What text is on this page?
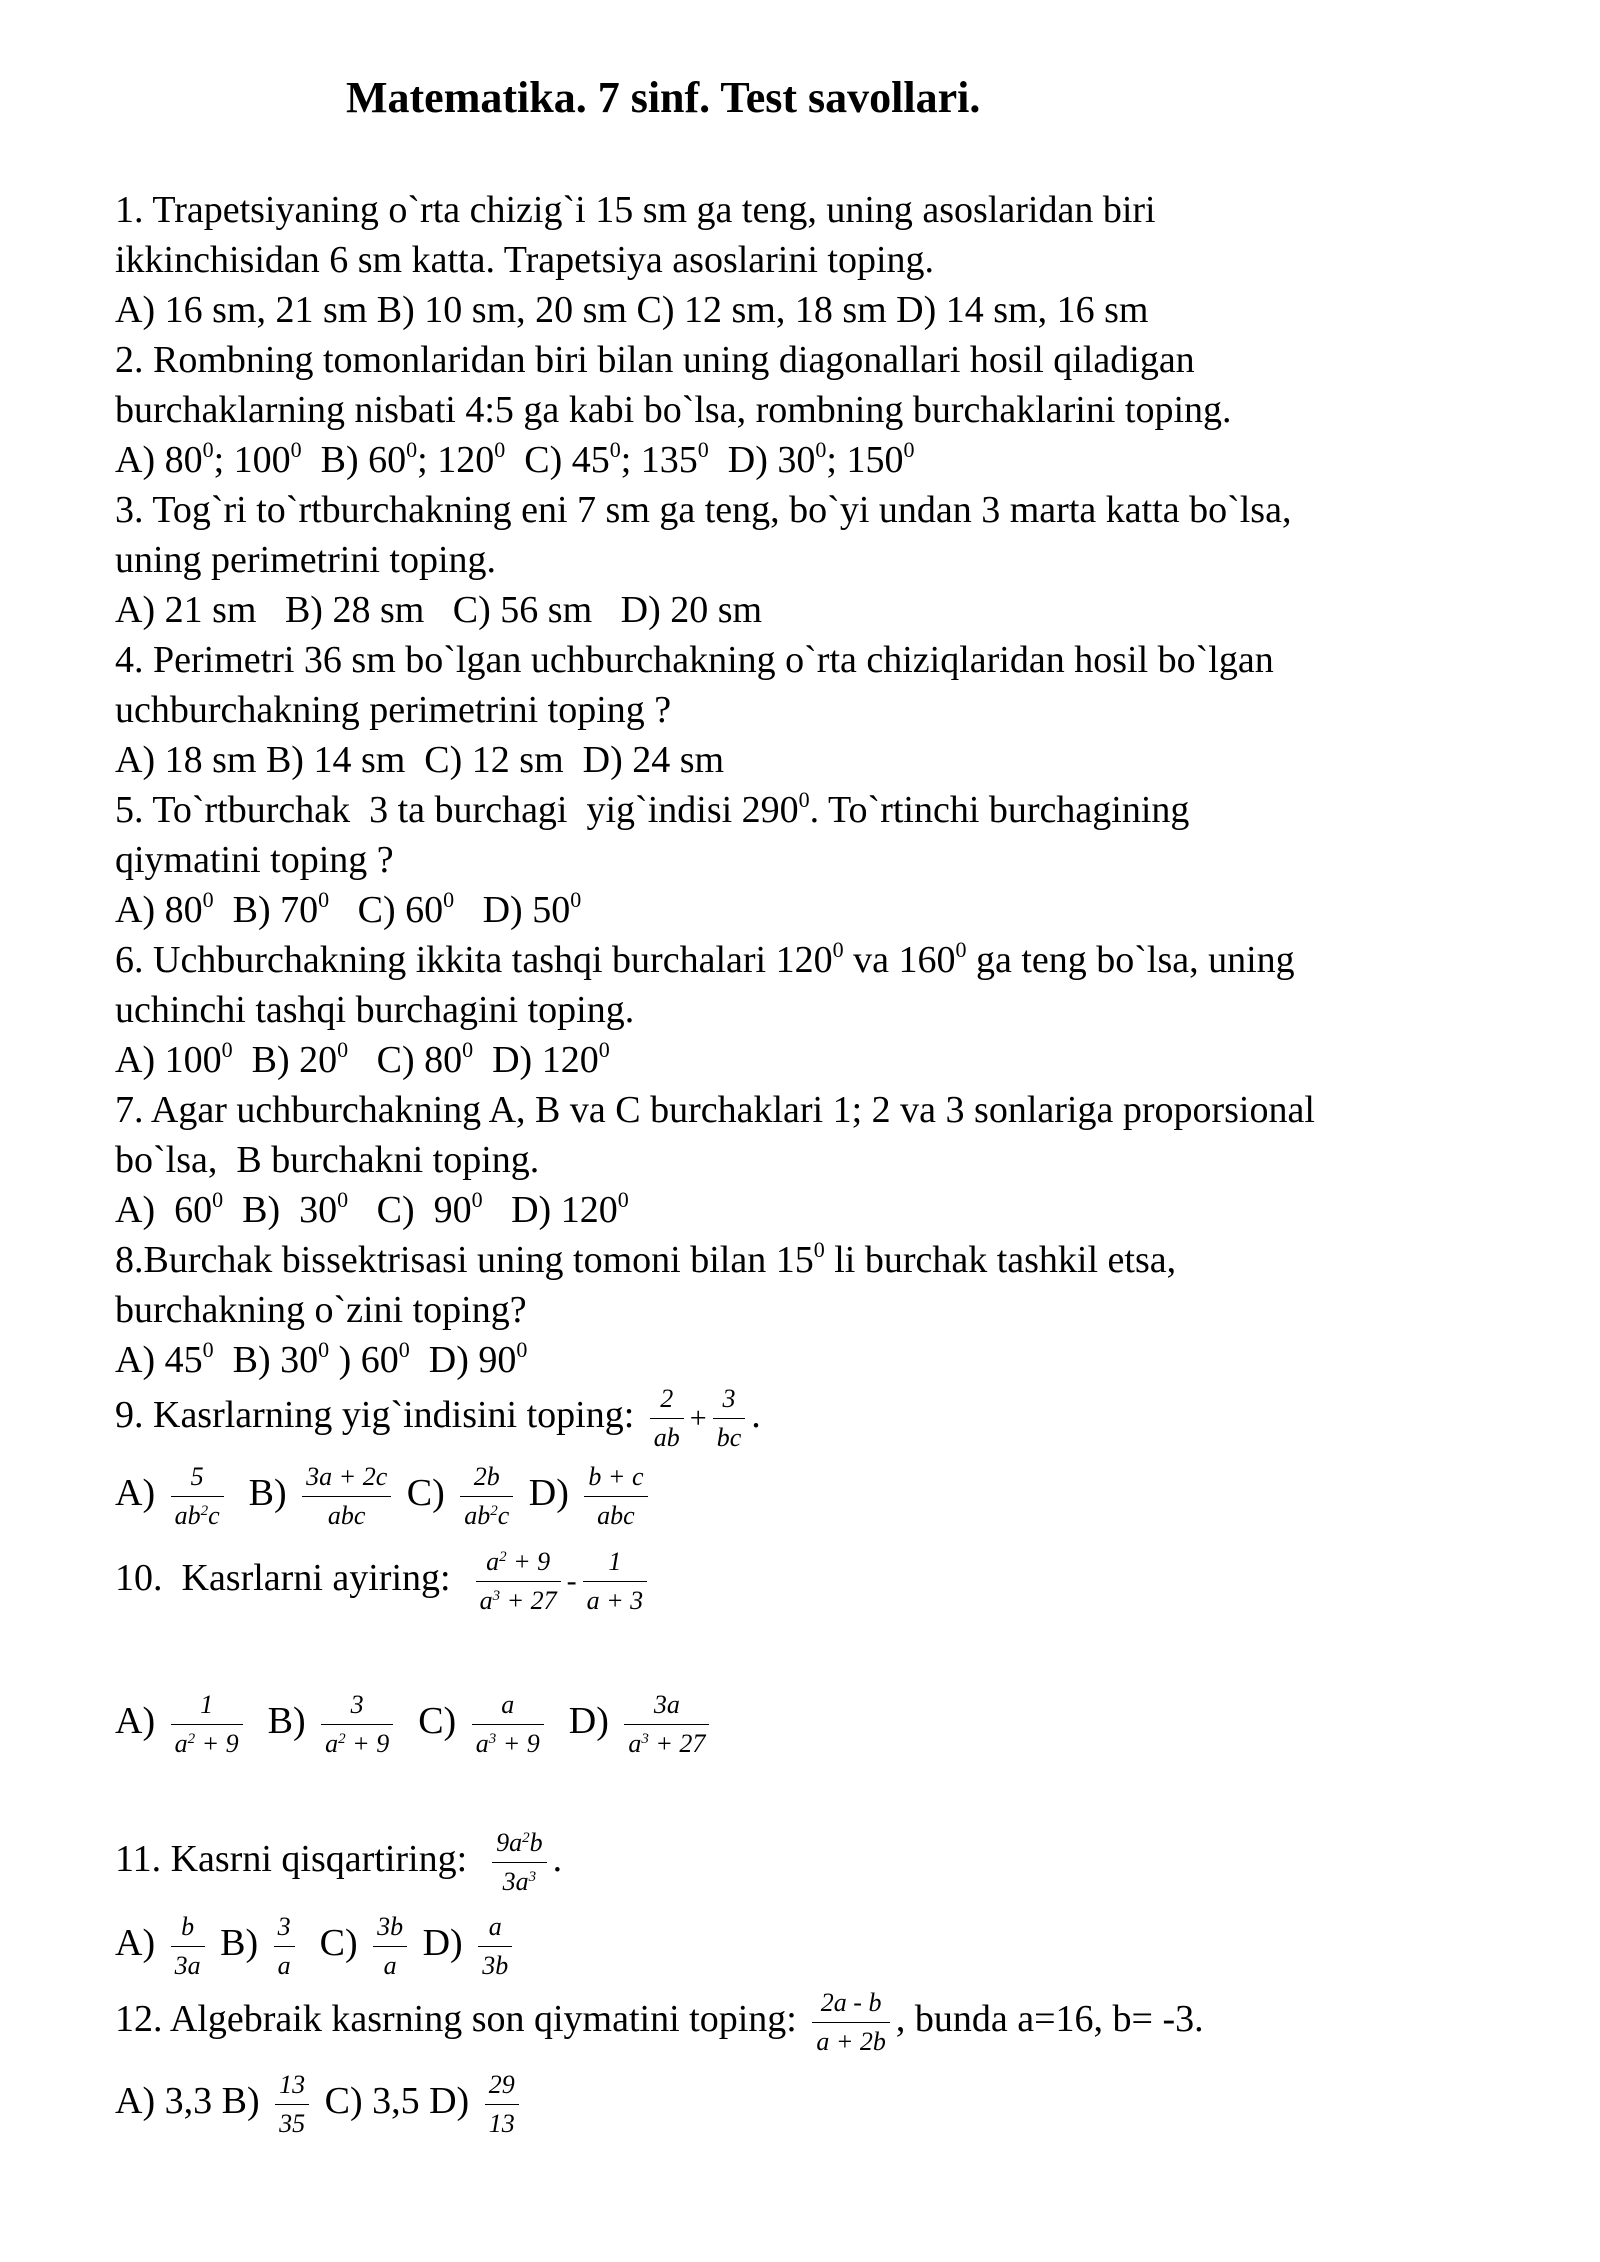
Matematika. 7 sinf. Test savollari.
1. Trapetsiyaning o`rta chizig`i 15 sm ga teng, uning asoslaridan biri
ikkinchisidan 6 sm katta. Trapetsiya asoslarini toping.
A) 16 sm, 21 sm B) 10 sm, 20 sm C) 12 sm, 18 sm D) 14 sm, 16 sm
2. Rombning tomonlaridan biri bilan uning diagonallari hosil qiladigan
burchaklarning nisbati 4:5 ga kabi bo`lsa, rombning burchaklarini toping.
A) $80^0$; $100^0$  B) $60^0$; $120^0$  C) $45^0$; $135^0$  D) $30^0$; $150^0$
3. Tog`ri to`rtburchakning eni 7 sm ga teng, bo`yi undan 3 marta katta bo`lsa,
uning perimetrini toping.
A) 21 sm   B) 28 sm   C) 56 sm   D) 20 sm
4. Perimetri 36 sm bo`lgan uchburchakning o`rta chiziqlaridan hosil bo`lgan
uchburchakning perimetrini toping ?
A) 18 sm B) 14 sm  C) 12 sm  D) 24 sm
5. To`rtburchak  3 ta burchagi  yig`indisi $290^0$. To`rtinchi burchagining
qiymatini toping ?
A) $80^0$  B) $70^0$   C) $60^0$   D) $50^0$
6. Uchburchakning ikkita tashqi burchalari $120^0$ va $160^0$ ga teng bo`lsa, uning
uchinchi tashqi burchagini toping.
A) $100^0$  B) $20^0$   C) $80^0$  D) $120^0$
7. Agar uchburchakning A, B va C burchaklari 1; 2 va 3 sonlariga proporsional
bo`lsa,  B burchakni toping.
A)  $60^0$  B)  $30^0$   C)  $90^0$   D) $120^0$
8.Burchak bissektrisasi uning tomoni bilan $15^0$ li burchak tashkil etsa,
burchakning o`zini toping?
A) $45^0$  B) $30^0$ ) $60^0$  D) $90^0$
9. Kasrlarning yig`indisini toping: $\frac{2}{ab} + \frac{3}{bc}$ .
$A) \frac{5}{ab^2c} B) \frac{3a + 2c}{\text{abc}} C) \frac{2b}{ab^2c} D) \frac{b + c}{\text{abc}}$
10.  Kasrlarni ayiring: $\frac{a^2 + 9}{a^3 + 27} - \frac{1}{a + 3}$
$A) \frac{1}{a^2 + 9} B) \frac{3}{a^2 + 9} C) \frac{a}{a^3 + 9} D) \frac{3a}{a^3 + 27}$
11. Kasrni qisqartiring: $\frac{9a^2b}{3a^3}$ .
$A) \frac{b}{3a} B) \frac{3}{a} C) \frac{3b}{a} D) \frac{a}{3b}$
12. Algebraik kasrning son qiymatini toping: $\frac{2a - b}{a + 2b}$ , bunda a=16, b= -3.
A) 3,3 $B) \frac{13}{35} C$) 3,5 $D) \frac{29}{13}$
